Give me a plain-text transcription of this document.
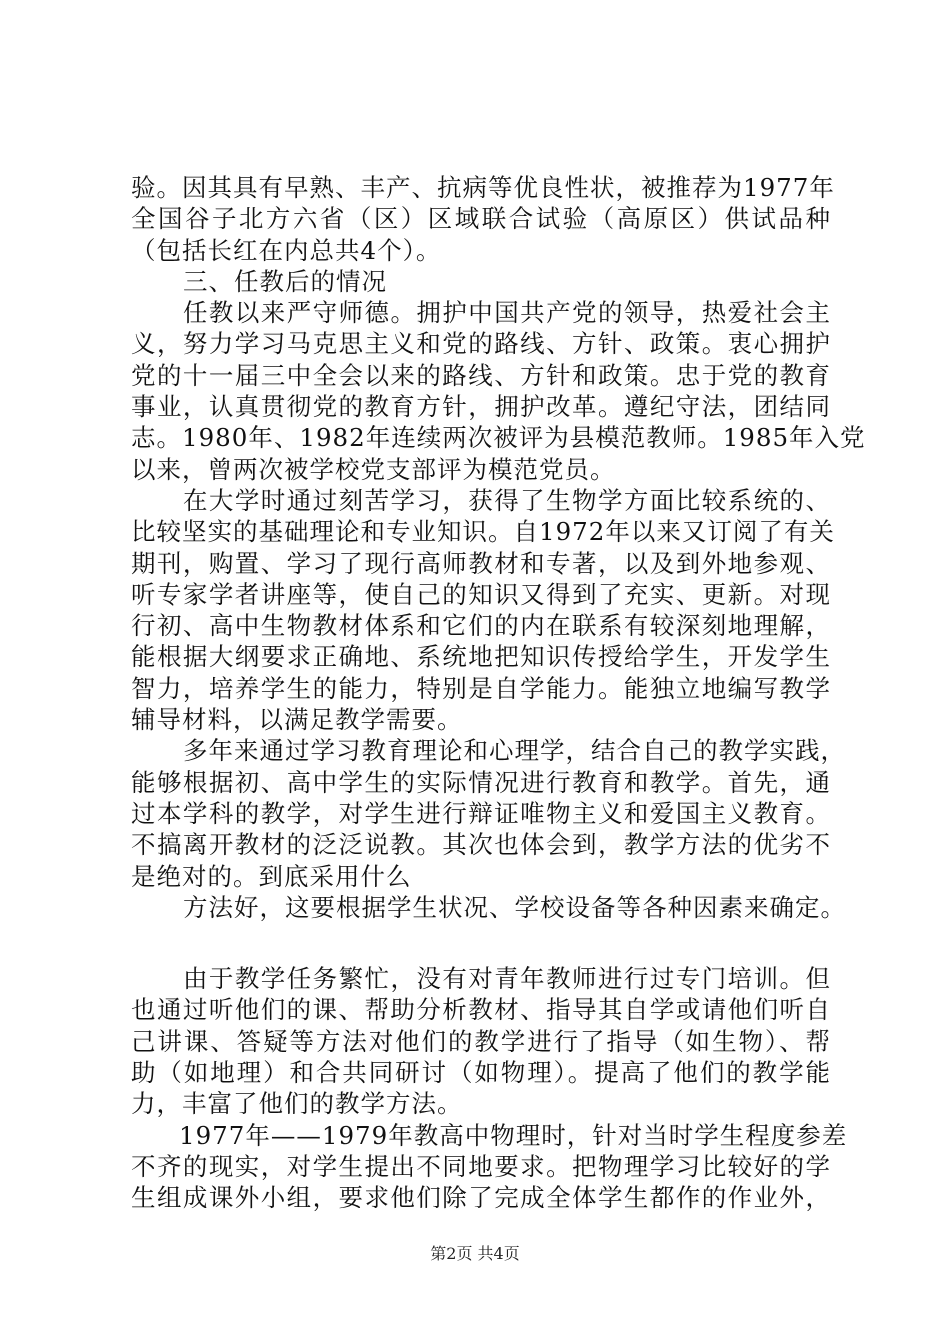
验。因其具有早熟、丰产、抗病等优良性状，被推荐为1977年
全国谷子北方六省（区）区域联合试验（高原区）供试品种
（包括长红在内总共4个）。
三、任教后的情况
任教以来严守师德。拥护中国共产党的领导，热爱社会主
义，努力学习马克思主义和党的路线、方针、政策。衷心拥护
党的十一届三中全会以来的路线、方针和政策。忠于党的教育
事业，认真贯彻党的教育方针，拥护改革。遵纪守法，团结同
志。1980年、1982年连续两次被评为县模范教师。1985年入党
以来，曾两次被学校党支部评为模范党员。
在大学时通过刻苦学习，获得了生物学方面比较系统的、
比较坚实的基础理论和专业知识。自1972年以来又订阅了有关
期刊，购置、学习了现行高师教材和专著，以及到外地参观、
听专家学者讲座等，使自己的知识又得到了充实、更新。对现
行初、高中生物教材体系和它们的内在联系有较深刻地理解，
能根据大纲要求正确地、系统地把知识传授给学生，开发学生
智力，培养学生的能力，特别是自学能力。能独立地编写教学
辅导材料，以满足教学需要。
多年来通过学习教育理论和心理学，结合自己的教学实践，
能够根据初、高中学生的实际情况进行教育和教学。首先，通
过本学科的教学，对学生进行辩证唯物主义和爱国主义教育。
不搞离开教材的泛泛说教。其次也体会到，教学方法的优劣不
是绝对的。到底采用什么
方法好，这要根据学生状况、学校设备等各种因素来确定。
由于教学任务繁忙，没有对青年教师进行过专门培训。但
也通过听他们的课、帮助分析教材、指导其自学或请他们听自
己讲课、答疑等方法对他们的教学进行了指导（如生物）、帮
助（如地理）和合共同研讨（如物理）。提高了他们的教学能
力，丰富了他们的教学方法。
1977年——1979年教高中物理时，针对当时学生程度参差
不齐的现实，对学生提出不同地要求。把物理学习比较好的学
生组成课外小组，要求他们除了完成全体学生都作的作业外，
第2页 共4页
